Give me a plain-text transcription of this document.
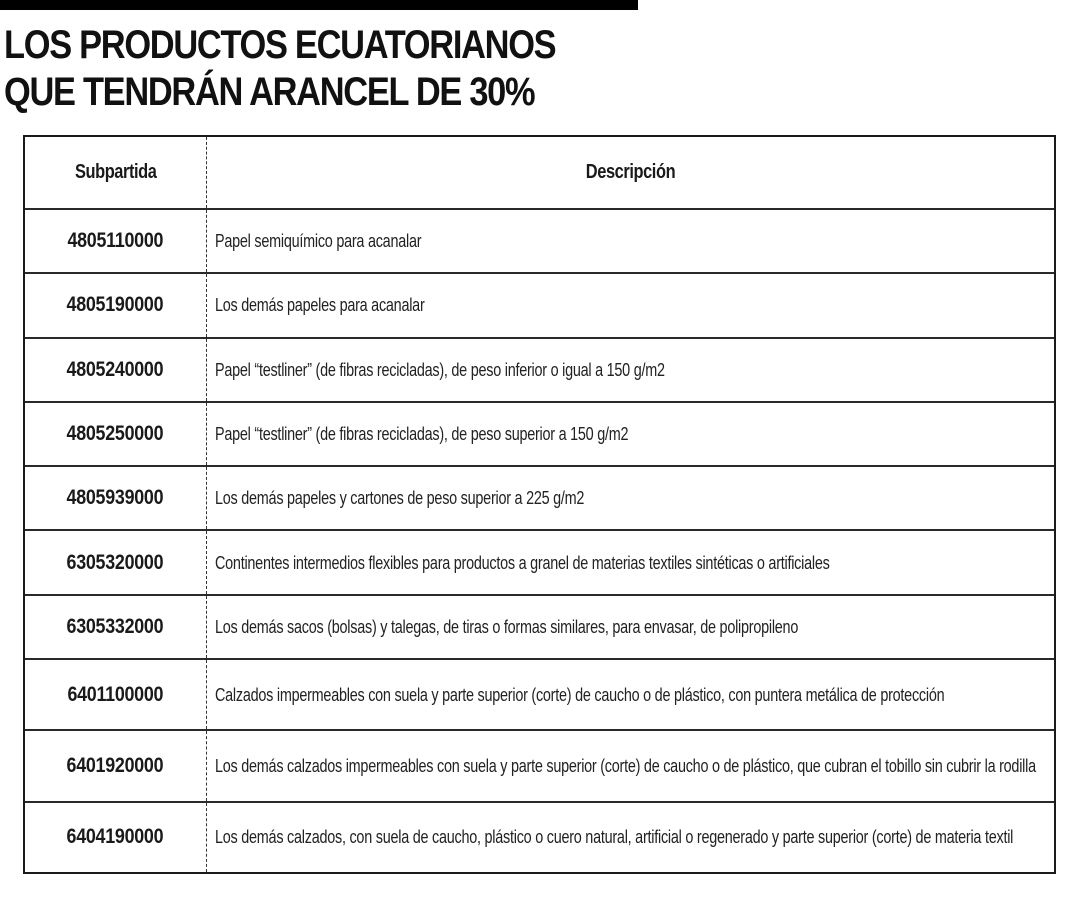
LOS PRODUCTOS ECUATORIANOS
QUE TENDRÁN ARANCEL DE 30%
Subpartida	Descripción
4805110000	Papel semiquímico para acanalar

4805190000	Los demás papeles para acanalar

4805240000	Papel “testliner” (de fibras recicladas), de peso inferior o igual a 150 g/m2

4805250000	Papel “testliner” (de fibras recicladas), de peso superior a 150 g/m2

4805939000	Los demás papeles y cartones de peso superior a 225 g/m2

6305320000	Continentes intermedios flexibles para productos a granel de materias textiles sintéticas o artificiales

6305332000	Los demás sacos (bolsas) y talegas, de tiras o formas similares, para envasar, de polipropileno

6401100000	Calzados impermeables con suela y parte superior (corte) de caucho o de plástico, con puntera metálica de protección

6401920000	Los demás calzados impermeables con suela y parte superior (corte) de caucho o de plástico, que cubran el tobillo sin cubrir la rodilla

6404190000	Los demás calzados, con suela de caucho, plástico o cuero natural, artificial o regenerado y parte superior (corte) de materia textil
